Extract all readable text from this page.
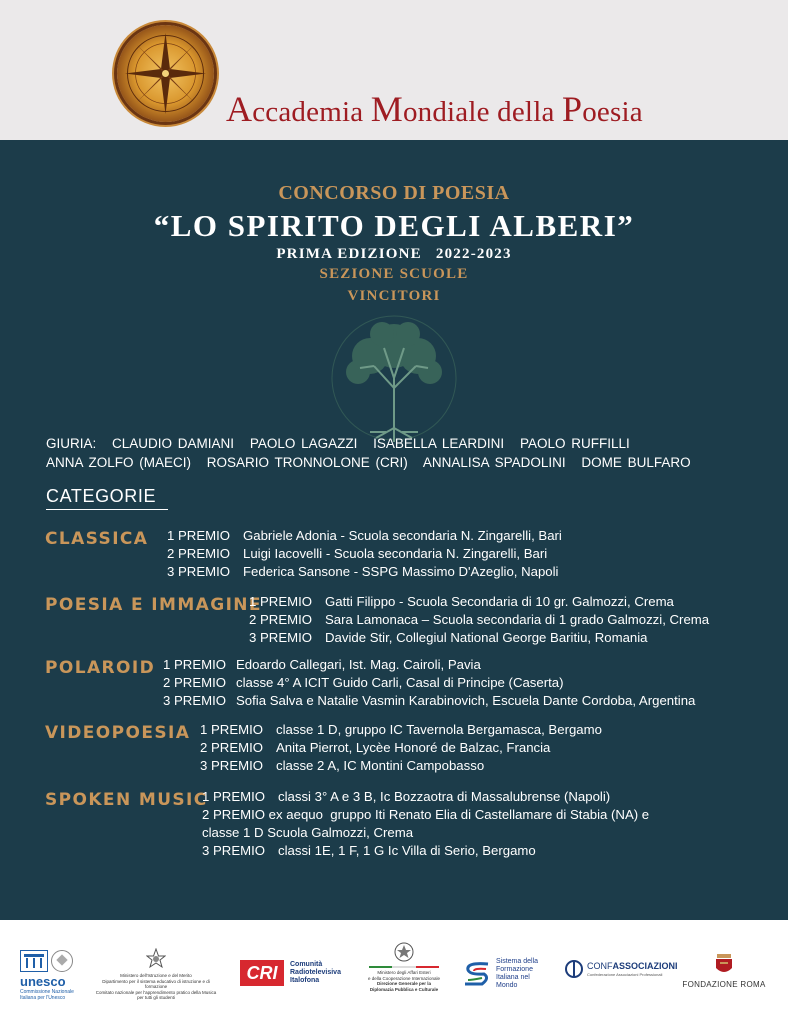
Accademia Mondiale della Poesia
CONCORSO DI POESIA
“LO SPIRITO DEGLI ALBERI”
PRIMA EDIZIONE 2022-2023
SEZIONE SCUOLE
VINCITORI
GIURIA: CLAUDIO DAMIANI PAOLO LAGAZZI ISABELLA LEARDINI PAOLO RUFFILLI
ANNA ZOLFO (MAECI) ROSARIO TRONNOLONE (CRI) ANNALISA SPADOLINI DOME BULFARO
CATEGORIE
CLASSICA 1 PREMIO Gabriele Adonia - Scuola secondaria N. Zingarelli, Bari
2 PREMIO Luigi Iacovelli - Scuola secondaria N. Zingarelli, Bari
3 PREMIO Federica Sansone - SSPG Massimo D'Azeglio, Napoli
POESIA E IMMAGINE
1 PREMIO Gatti Filippo - Scuola Secondaria di 10 gr. Galmozzi, Crema
2 PREMIO Sara Lamonaca – Scuola secondaria di 1 grado Galmozzi, Crema
3 PREMIO Davide Stir, Collegiul National George Baritiu, Romania
POLAROID 1 PREMIO Edoardo Callegari, Ist. Mag. Cairoli, Pavia
2 PREMIO classe 4° A ICIT Guido Carli, Casal di Principe (Caserta)
3 PREMIO Sofia Salva e Natalie Vasmin Karabinovich, Escuela Dante Cordoba, Argentina
VIDEOPOESIA 1 PREMIO classe 1 D, gruppo IC Tavernola Bergamasca, Bergamo
2 PREMIO Anita Pierrot, Lycèe Honoré de Balzac, Francia
3 PREMIO classe 2 A, IC Montini Campobasso
SPOKEN MUSIC
1 PREMIO classi 3° A e 3 B, Ic Bozzaotra di Massalubrense (Napoli)
2 PREMIO ex aequo gruppo Iti Renato Elia di Castellamare di Stabia (NA) e
classe 1 D Scuola Galmozzi, Crema
3 PREMIO classi 1E, 1 F, 1 G Ic Villa di Serio, Bergamo
unesco
Commissione Nazionale
Italiana per l'Unesco
Ministero dell'Istruzione e del Merito
Dipartimento per il sistema educativo di istruzione e di formazione
Comitato nazionale per l'apprendimento pratico della Musica
per tutti gli studenti
CRI	Comunità
Radiotelevisiva
Italofona
Ministero degli Affari Esteri
e della Cooperazione Internazionale
Direzione Generale per la
Diplomazia Pubblica e Culturale
Sistema della
Formazione
Italiana nel
Mondo
CONFASSOCIAZIONI
Confederazione Associazioni Professionali
FONDAZIONE ROMA
